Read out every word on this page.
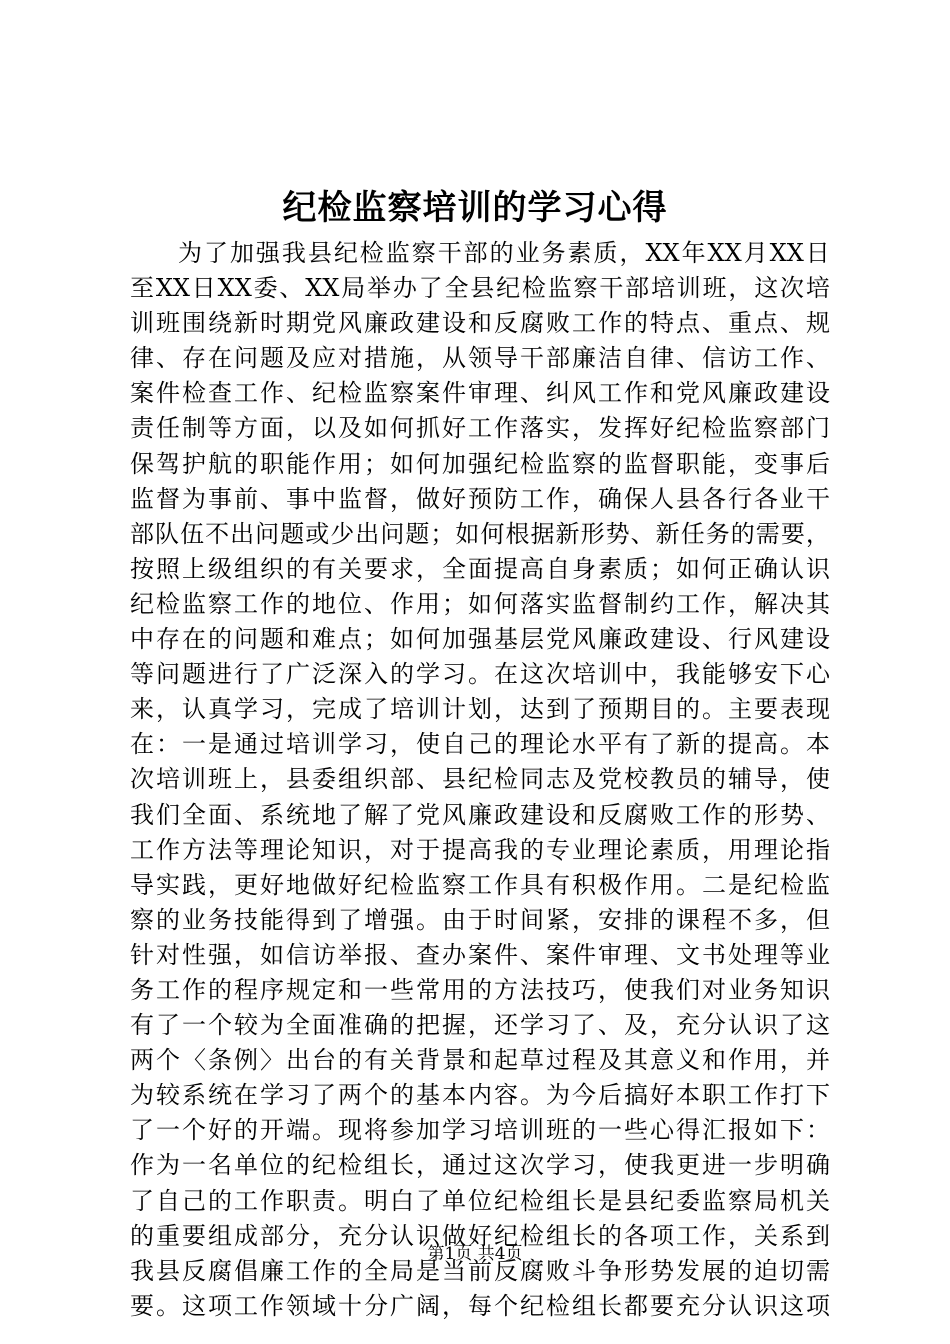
纪检监察培训的学习心得
为 了 加 强 我 县 纪 检 监 察 干 部 的 业 务 素 质 ， XX 年 XX 月 XX 日
至 XX 日 XX 委 、 XX 局 举 办 了 全 县 纪 检 监 察 干 部 培 训 班 ， 这 次 培
训 班 围 绕 新 时 期 党 风 廉 政 建 设 和 反 腐 败 工 作 的 特 点 、 重 点 、 规
律 、 存 在 问 题 及 应 对 措 施 ， 从 领 导 干 部 廉 洁 自 律 、 信 访 工 作 、
案 件 检 查 工 作 、 纪 检 监 察 案 件 审 理 、 纠 风 工 作 和 党 风 廉 政 建 设
责 任 制 等 方 面 ， 以 及 如 何 抓 好 工 作 落 实 ， 发 挥 好 纪 检 监 察 部 门
保 驾 护 航 的 职 能 作 用 ； 如 何 加 强 纪 检 监 察 的 监 督 职 能 ， 变 事 后
监 督 为 事 前 、 事 中 监 督 ， 做 好 预 防 工 作 ， 确 保 人 县 各 行 各 业 干
部 队 伍 不 出 问 题 或 少 出 问 题 ； 如 何 根 据 新 形 势 、 新 任 务 的 需 要 ，
按 照 上 级 组 织 的 有 关 要 求 ， 全 面 提 高 自 身 素 质 ； 如 何 正 确 认 识
纪 检 监 察 工 作 的 地 位 、 作 用 ； 如 何 落 实 监 督 制 约 工 作 ， 解 决 其
中 存 在 的 问 题 和 难 点 ； 如 何 加 强 基 层 党 风 廉 政 建 设 、 行 风 建 设
等 问 题 进 行 了 广 泛 深 入 的 学 习 。 在 这 次 培 训 中 ， 我 能 够 安 下 心
来 ， 认 真 学 习 ， 完 成 了 培 训 计 划 ， 达 到 了 预 期 目 的 。 主 要 表 现
在 ： 一 是 通 过 培 训 学 习 ， 使 自 己 的 理 论 水 平 有 了 新 的 提 高 。 本
次 培 训 班 上 ， 县 委 组 织 部 、 县 纪 检 同 志 及 党 校 教 员 的 辅 导 ， 使
我 们 全 面 、 系 统 地 了 解 了 党 风 廉 政 建 设 和 反 腐 败 工 作 的 形 势 、
工 作 方 法 等 理 论 知 识 ， 对 于 提 高 我 的 专 业 理 论 素 质 ， 用 理 论 指
导 实 践 ， 更 好 地 做 好 纪 检 监 察 工 作 具 有 积 极 作 用 。 二 是 纪 检 监
察 的 业 务 技 能 得 到 了 增 强 。 由 于 时 间 紧 ， 安 排 的 课 程 不 多 ， 但
针 对 性 强 ， 如 信 访 举 报 、 查 办 案 件 、 案 件 审 理 、 文 书 处 理 等 业
务 工 作 的 程 序 规 定 和 一 些 常 用 的 方 法 技 巧 ， 使 我 们 对 业 务 知 识
有 了 一 个 较 为 全 面 准 确 的 把 握 ， 还 学 习 了 、 及 ， 充 分 认 识 了 这
两 个 〈 条 例 〉 出 台 的 有 关 背 景 和 起 草 过 程 及 其 意 义 和 作 用 ， 并
为 较 系 统 在 学 习 了 两 个 的 基 本 内 容 。 为 今 后 搞 好 本 职 工 作 打 下
了 一 个 好 的 开 端 。 现 将 参 加 学 习 培 训 班 的 一 些 心 得 汇 报 如 下 ：
作 为 一 名 单 位 的 纪 检 组 长 ， 通 过 这 次 学 习 ， 使 我 更 进 一 步 明 确
了 自 己 的 工 作 职 责 。 明 白 了 单 位 纪 检 组 长 是 县 纪 委 监 察 局 机 关
的 重 要 组 成 部 分 ， 充 分 认 识 做 好 纪 检 组 长 的 各 项 工 作 ， 关 系 到
我 县 反 腐 倡 廉 工 作 的 全 局 是 当 前 反 腐 败 斗 争 形 势 发 展 的 迫 切 需
要 。 这 项 工 作 领 域 十 分 广 阔 ， 每 个 纪 检 组 长 都 要 充 分 认 识 这 项
第1页 共4页
